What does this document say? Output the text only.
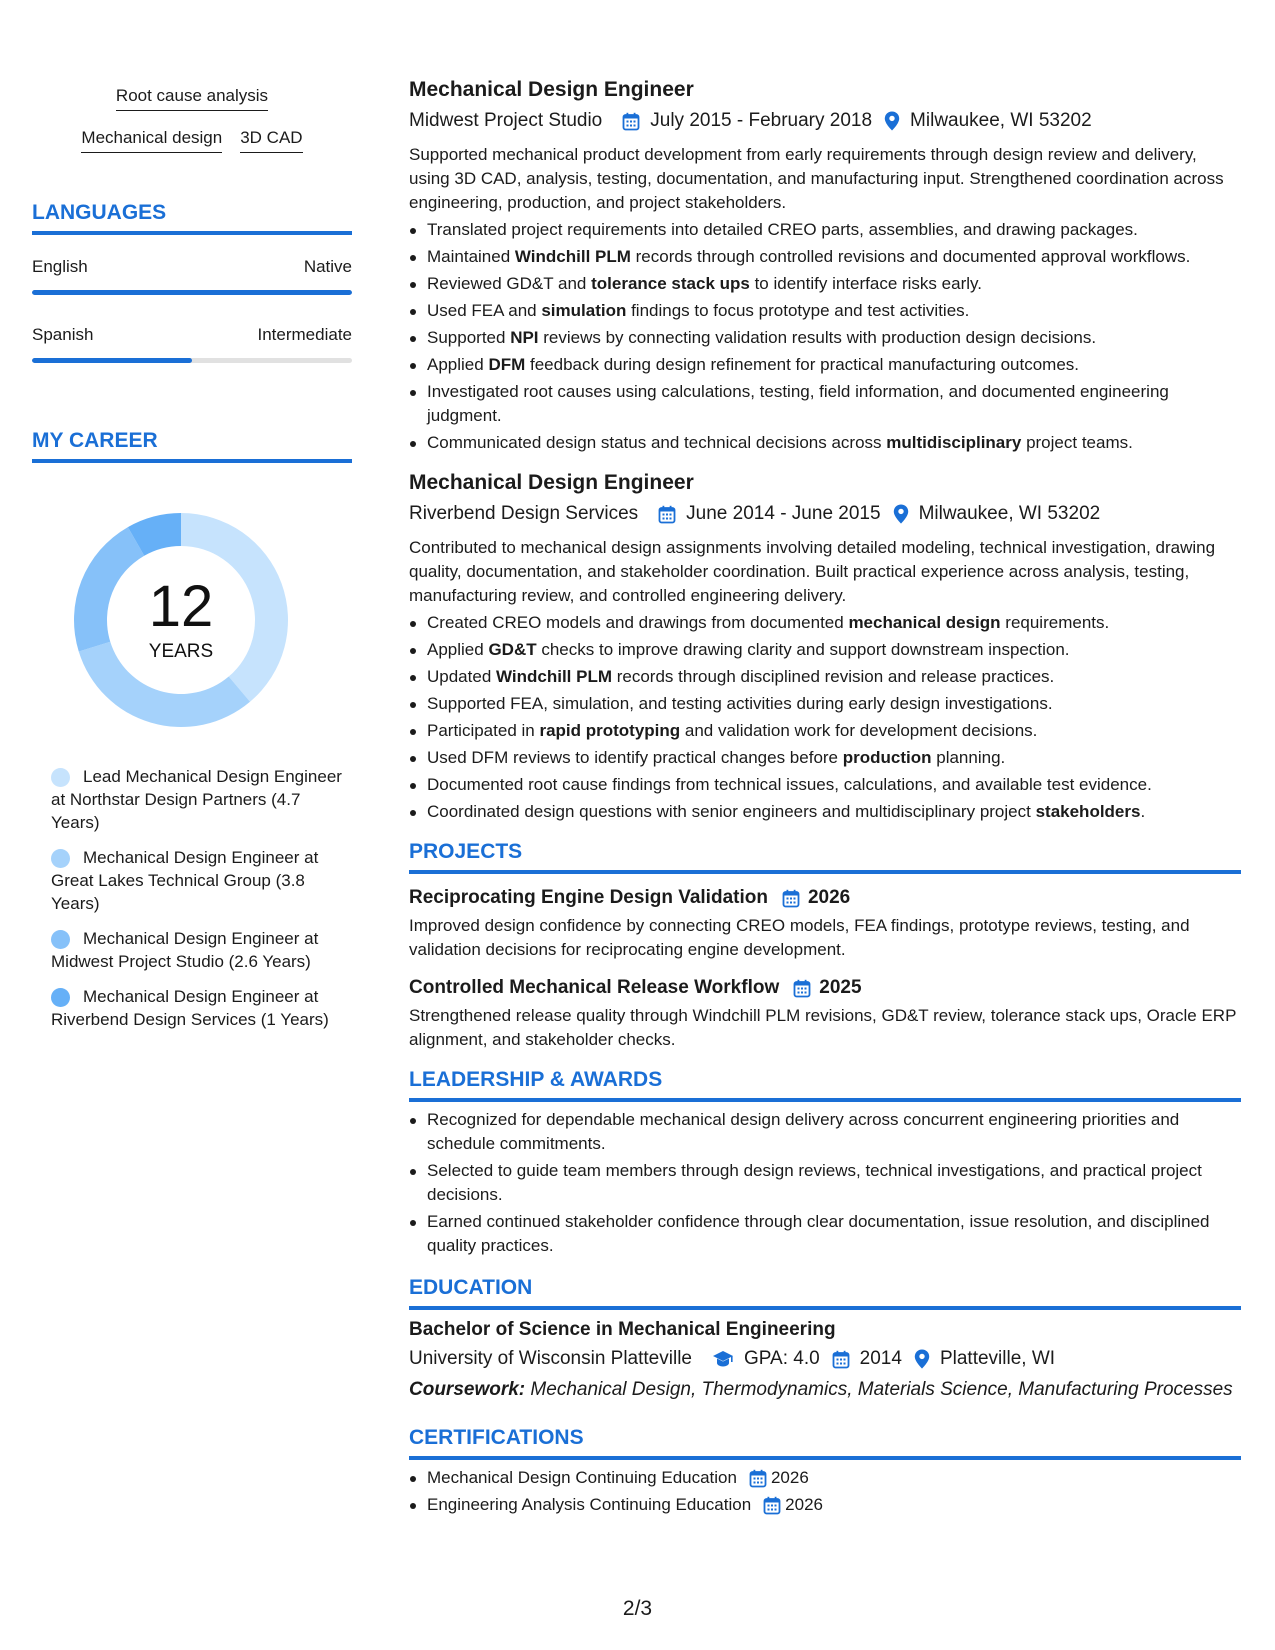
Root cause analysis
Mechanical design 3D CAD
LANGUAGES
English	Native
Spanish	Intermediate
MY CAREER
12
YEARS
Lead Mechanical Design Engineer at Northstar Design Partners (4.7 Years)
Mechanical Design Engineer at Great Lakes Technical Group (3.8 Years)
Mechanical Design Engineer at Midwest Project Studio (2.6 Years)
Mechanical Design Engineer at Riverbend Design Services (1 Years)
Mechanical Design Engineer
Midwest Project Studio	July 2015 - February 2018 Milwaukee, WI 53202
Supported mechanical product development from early requirements through design review and delivery, using 3D CAD, analysis, testing, documentation, and manufacturing input. Strengthened coordination across engineering, production, and project stakeholders.
Translated project requirements into detailed CREO parts, assemblies, and drawing packages.
Maintained Windchill PLM records through controlled revisions and documented approval workflows.
Reviewed GD&T and tolerance stack ups to identify interface risks early.
Used FEA and simulation findings to focus prototype and test activities.
Supported NPI reviews by connecting validation results with production design decisions.
Applied DFM feedback during design refinement for practical manufacturing outcomes.
Investigated root causes using calculations, testing, field information, and documented engineering judgment.
Communicated design status and technical decisions across multidisciplinary project teams.
Mechanical Design Engineer
Riverbend Design Services	June 2014 - June 2015 Milwaukee, WI 53202
Contributed to mechanical design assignments involving detailed modeling, technical investigation, drawing quality, documentation, and stakeholder coordination. Built practical experience across analysis, testing, manufacturing review, and controlled engineering delivery.
Created CREO models and drawings from documented mechanical design requirements.
Applied GD&T checks to improve drawing clarity and support downstream inspection.
Updated Windchill PLM records through disciplined revision and release practices.
Supported FEA, simulation, and testing activities during early design investigations.
Participated in rapid prototyping and validation work for development decisions.
Used DFM reviews to identify practical changes before production planning.
Documented root cause findings from technical issues, calculations, and available test evidence.
Coordinated design questions with senior engineers and multidisciplinary project stakeholders.
PROJECTS
Reciprocating Engine Design Validation 2026
Improved design confidence by connecting CREO models, FEA findings, prototype reviews, testing, and validation decisions for reciprocating engine development.
Controlled Mechanical Release Workflow 2025
Strengthened release quality through Windchill PLM revisions, GD&T review, tolerance stack ups, Oracle ERP alignment, and stakeholder checks.
LEADERSHIP & AWARDS
Recognized for dependable mechanical design delivery across concurrent engineering priorities and schedule commitments.
Selected to guide team members through design reviews, technical investigations, and practical project decisions.
Earned continued stakeholder confidence through clear documentation, issue resolution, and disciplined quality practices.
EDUCATION
Bachelor of Science in Mechanical Engineering
University of Wisconsin Platteville	GPA: 4.0 2014 Platteville, WI
Coursework: Mechanical Design, Thermodynamics, Materials Science, Manufacturing Processes
CERTIFICATIONS
Mechanical Design Continuing Education 2026
Engineering Analysis Continuing Education 2026
2/3
